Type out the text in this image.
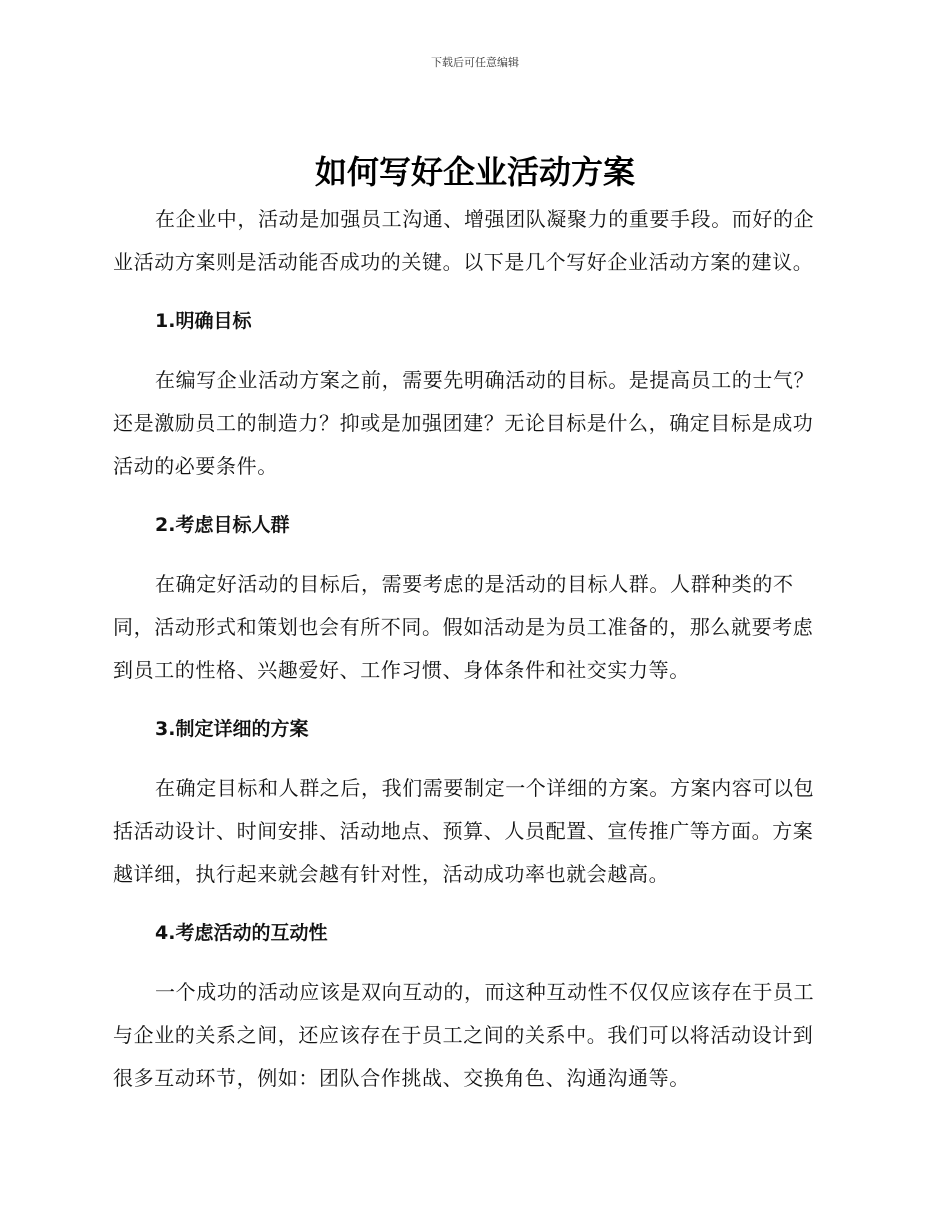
下载后可任意编辑
如何写好企业活动方案

在企业中，活动是加强员工沟通、增强团队凝聚力的重要手段。而好的企业活动方案则是活动能否成功的关键。以下是几个写好企业活动方案的建议。

1.明确目标

在编写企业活动方案之前，需要先明确活动的目标。是提高员工的士气？还是激励员工的制造力？抑或是加强团建？无论目标是什么，确定目标是成功活动的必要条件。

2.考虑目标人群

在确定好活动的目标后，需要考虑的是活动的目标人群。人群种类的不同，活动形式和策划也会有所不同。假如活动是为员工准备的，那么就要考虑到员工的性格、兴趣爱好、工作习惯、身体条件和社交实力等。

3.制定详细的方案

在确定目标和人群之后，我们需要制定一个详细的方案。方案内容可以包括活动设计、时间安排、活动地点、预算、人员配置、宣传推广等方面。方案越详细，执行起来就会越有针对性，活动成功率也就会越高。

4.考虑活动的互动性

一个成功的活动应该是双向互动的，而这种互动性不仅仅应该存在于员工与企业的关系之间，还应该存在于员工之间的关系中。我们可以将活动设计到很多互动环节，例如：团队合作挑战、交换角色、沟通沟通等。
